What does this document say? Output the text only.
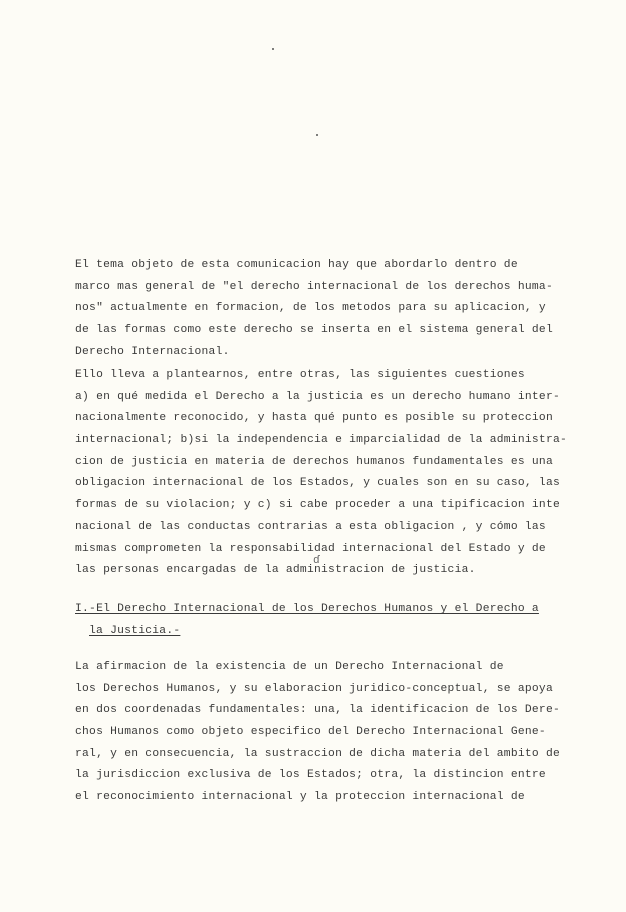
El tema objeto de esta comunicacion hay que abordarlo dentro de
marco mas general de "el derecho internacional de los derechos huma-
nos" actualmente en formacion, de los metodos para su aplicacion, y
de las formas como este derecho se inserta en el sistema general del
Derecho Internacional.
Ello lleva a plantearnos, entre otras, las siguientes cuestiones
a) en qué medida el Derecho a la justicia es un derecho humano inter-
nacionalmente reconocido, y hasta qué punto es posible su proteccion
internacional; b)si la independencia e imparcialidad de la administra-
cion de justicia en materia de derechos humanos fundamentales es una
obligacion internacional de los Estados, y cuales son en su caso, las
formas de su violacion; y c) si cabe proceder a una tipificacion inte
nacional de las conductas contrarias a esta obligacion , y cómo las
mismas comprometen la responsabilidad internacional del Estado y de
las personas encargadas de la administracion de justicia.
ɗ
I.-El Derecho Internacional de los Derechos Humanos y el Derecho a
la Justicia.-
La afirmacion de la existencia de un Derecho Internacional de
los Derechos Humanos, y su elaboracion juridico-conceptual, se apoya
en dos coordenadas fundamentales: una, la identificacion de los Dere-
chos Humanos como objeto especifico del Derecho Internacional Gene-
ral, y en consecuencia, la sustraccion de dicha materia del ambito de
la jurisdiccion exclusiva de los Estados; otra, la distincion entre
el reconocimiento internacional y la proteccion internacional de
